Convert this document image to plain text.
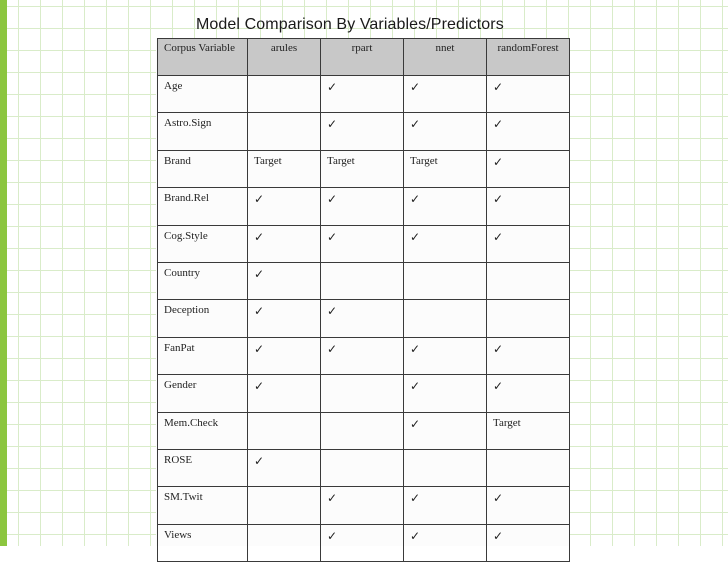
Model Comparison By Variables/Predictors
Corpus Variable	arules	rpart	nnet	randomForest
Age		✓	✓	✓
Astro.Sign		✓	✓	✓
Brand	Target	Target	Target	✓
Brand.Rel	✓	✓	✓	✓
Cog.Style	✓	✓	✓	✓
Country	✓			
Deception	✓	✓		
FanPat	✓	✓	✓	✓
Gender	✓		✓	✓
Mem.Check			✓	Target
ROSE	✓			
SM.Twit		✓	✓	✓
Views		✓	✓	✓
